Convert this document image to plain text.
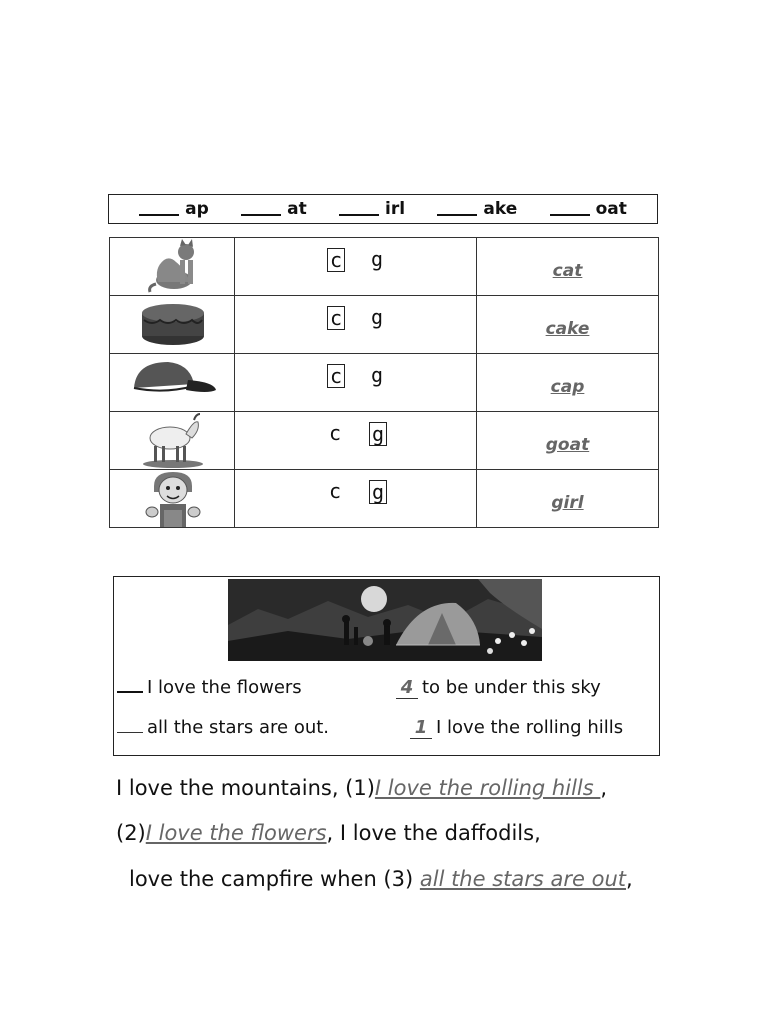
ap	at	irl	ake	oat

c g	cat

c g	cake

c g	cap

c g	goat

c g	girl
I love the flowers	4 to be under this sky
all the stars are out.	1 I love the rolling hills
I love the mountains, (1)I love the rolling hills ,
(2)I love the flowers, I love the daffodils,
love the campfire when (3) all the stars are out,
